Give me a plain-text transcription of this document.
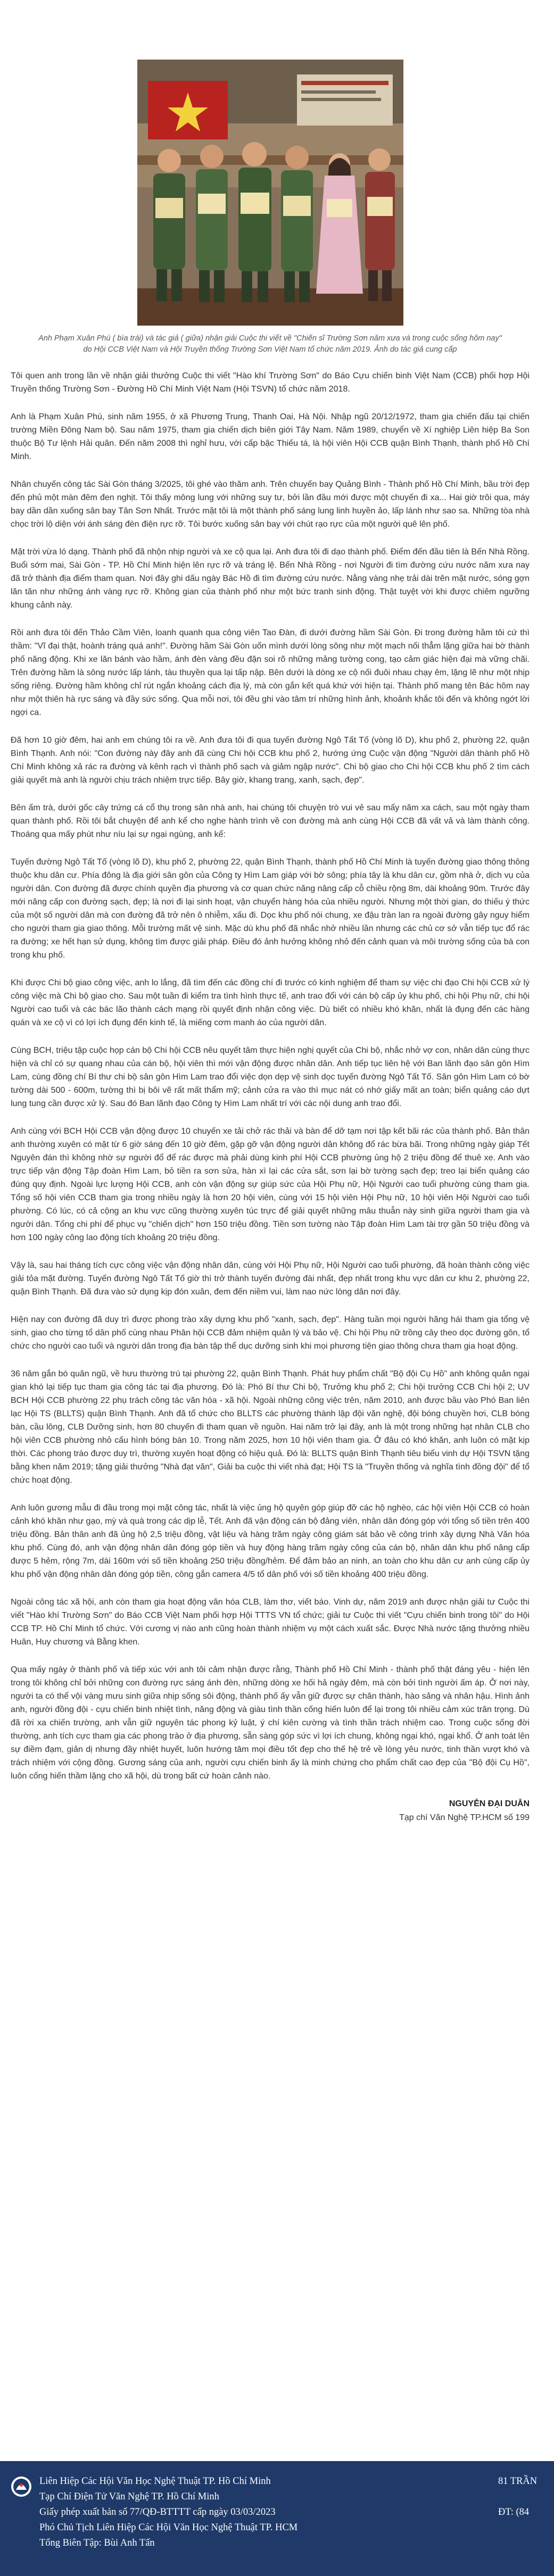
Anh Phạm Xuân Phú ( bìa trái) và tác giả ( giữa) nhận giải Cuộc thi viết về "Chiến sĩ Trường Sơn năm xưa và trong cuộc sống hôm nay" do Hội CCB Việt Nam và Hội Truyền thống Trường Sơn Việt Nam tổ chức năm 2019. Ảnh do tác giả cung cấp

Tôi quen anh trong lần về nhận giải thưởng Cuộc thi viết "Hào khí Trường Sơn" do Báo Cựu chiến binh Việt Nam (CCB) phối hợp Hội Truyền thống Trường Sơn - Đường Hồ Chí Minh Việt Nam (Hội TSVN) tổ chức năm 2018.

Anh là Phạm Xuân Phú, sinh năm 1955, ở xã Phương Trung, Thanh Oai, Hà Nội. Nhập ngũ 20/12/1972, tham gia chiến đấu tại chiến trường Miền Đông Nam bộ. Sau năm 1975, tham gia chiến dịch biên giới Tây Nam. Năm 1989, chuyển về Xí nghiệp Liên hiệp Ba Son thuộc Bộ Tư lệnh Hải quân. Đến năm 2008 thì nghỉ hưu, với cấp bậc Thiếu tá, là hội viên Hội CCB quận Bình Thạnh, thành phố Hồ Chí Minh.

Nhân chuyến công tác Sài Gòn tháng 3/2025, tôi ghé vào thăm anh. Trên chuyến bay Quảng Bình - Thành phố Hồ Chí Minh, bầu trời đẹp đến phủ một màn đêm đen nghịt. Tôi thấy mông lung với những suy tư, bởi lần đầu mới được một chuyến đi xa... Hai giờ trôi qua, máy bay dần dần xuống sân bay Tân Sơn Nhất. Trước mặt tôi là một thành phố sáng lung linh huyền ảo, lấp lánh như sao sa. Những tòa nhà chọc trời lộ diện với ánh sáng đèn điện rực rỡ. Tôi bước xuống sân bay với chút rạo rực của một người quê lên phố.

Mặt trời vừa ló dạng. Thành phố đã nhộn nhịp người và xe cộ qua lại. Anh đưa tôi đi dạo thành phố. Điểm đến đầu tiên là Bến Nhà Rồng. Buổi sớm mai, Sài Gòn - TP. Hồ Chí Minh hiện lên rực rỡ và tráng lệ. Bến Nhà Rồng - nơi Người đi tìm đường cứu nước năm xưa nay đã trở thành địa điểm tham quan. Nơi đây ghi dấu ngày Bác Hồ đi tìm đường cứu nước. Nằng vàng nhẹ trải dài trên mặt nước, sóng gợn lăn tăn như những ánh vàng rực rỡ. Không gian của thành phố như một bức tranh sinh động. Thật tuyệt vời khi được chiêm ngưỡng khung cảnh này.

Rồi anh đưa tôi đến Thảo Cầm Viên, loanh quanh qua công viên Tao Đàn, đi dưới đường hầm Sài Gòn. Đi trong đường hầm tôi cứ thì thầm: "Vĩ đại thật, hoành tráng quá anh!". Đường hầm Sài Gòn uốn mình dưới lòng sông như một mạch nối thẳm lặng giữa hai bờ thành phố năng động. Khi xe lăn bánh vào hầm, ánh đèn vàng đều đặn soi rõ những mảng tường cong, tạo cảm giác hiện đại mà vững chãi. Trên đường hầm là sông nước lấp lánh, tàu thuyền qua lại tấp nập. Bên dưới là dòng xe cộ nối đuôi nhau chạy êm, lặng lẽ như một nhịp sống riêng. Đường hầm không chỉ rút ngắn khoảng cách địa lý, mà còn gắn kết quá khứ với hiện tại. Thành phố mang tên Bác hôm nay như một thiên hà rực sáng và đầy sức sống. Qua mỗi nơi, tôi đều ghi vào tâm trí những hình ảnh, khoảnh khắc tôi đến và không ngớt lời ngợi ca.

Đã hơn 10 giờ đêm, hai anh em chúng tôi ra về. Anh đưa tôi đi qua tuyến đường Ngô Tất Tố (vòng lõ D), khu phố 2, phường 22, quận Bình Thạnh. Anh nói: "Con đường này đây anh đã cùng Chi hội CCB khu phố 2, hướng ứng Cuộc vận động "Người dân thành phố Hồ Chí Minh không xả rác ra đường và kênh rạch vì thành phố sạch và giảm ngập nước". Chi bộ giao cho Chi hội CCB khu phố 2 tìm cách giải quyết mà anh là người chịu trách nhiệm trực tiếp. Bây giờ, khang trang, xanh, sạch, đẹp".

Bên ấm trà, dưới gốc cây trứng cá cổ thụ trong sân nhà anh, hai chúng tôi chuyện trò vui vẻ sau mấy năm xa cách, sau một ngày tham quan thành phố. Rồi tôi bắt chuyện để anh kể cho nghe hành trình về con đường mà anh cùng Hội CCB đã vất vả và làm thành công. Thoáng qua mấy phút như níu lại sự ngại ngùng, anh kể:

Tuyến đường Ngô Tất Tố (vòng lõ D), khu phố 2, phường 22, quận Bình Thạnh, thành phố Hồ Chí Minh là tuyến đường giao thông thông thuộc khu dân cư. Phía đông là địa giới sân gôn của Công ty Hìm Lam giáp với bờ sông; phía tây là khu dân cư, gồm nhà ở, dịch vụ của người dân. Con đường đã được chính quyền địa phương và cơ quan chức năng nâng cấp cỗ chiều rộng 8m, dài khoảng 90m. Trước đây mới năng cấp con đường sạch, đẹp; là nơi đi lại sinh hoạt, vận chuyển hàng hóa của nhiều người. Nhưng một thời gian, do thiếu ý thức của một số người dân mà con đường đã trở nên ô nhiễm, xấu đi. Dọc khu phố nói chung, xe đậu tràn lan ra ngoài đường gây nguy hiểm cho người tham gia giao thông. Mỗi trường mất vệ sinh. Mặc dù khu phố đã nhắc nhở nhiều lần nhưng các chủ cơ sở vẫn tiếp tục đổ rác ra đường; xe hết hạn sử dụng, không tìm được giải pháp. Điều đó ảnh hưởng không nhỏ đến cảnh quan và môi trường sống của bà con trong khu phố.

Khi được Chi bộ giao công việc, anh lo lắng, đã tìm đến các đồng chí đi trước có kinh nghiệm để tham sự việc chi đạo Chi hội CCB xử lý công việc mà Chi bộ giao cho. Sau một tuần đi kiểm tra tình hình thực tế, anh trao đổi với cán bộ cấp ủy khu phố, chi hội Phụ nữ, chi hội Người cao tuổi và các bác lão thành cách mạng rồi quyết định nhận công việc. Dù biết có nhiều khó khăn, nhất là đụng đến các hàng quán và xe cộ vì có lợi ích đụng đến kinh tế, là miếng cơm manh áo của người dân.

Cùng BCH, triệu tập cuộc họp cán bộ Chi hội CCB nêu quyết tâm thực hiện nghị quyết của Chi bộ, nhắc nhở vợ con, nhân dân cùng thực hiện và chỉ có sự quang nhau của cán bộ, hội viên thì mới vận động được nhân dân. Anh tiếp tục liên hệ với Ban lãnh đạo sân gôn Hìm Lam, cùng đồng chí Bí thư chi bộ sân gôn Hìm Lam trao đổi việc dọn dẹp vệ sinh dọc tuyến đường Ngô Tất Tố. Sân gôn Hìm Lam có bờ tường dài 500 - 600m, tường thì bị bôi vẽ rất mất thẩm mỹ; cảnh cửa ra vào thì mục nát có nhớ giấy mất an toàn; biển quảng cáo dựt lung tung cần được xử lý. Sau đó Ban lãnh đạo Công ty Hìm Lam nhất trí với các nội dung anh trao đổi.

Anh cùng với BCH Hội CCB vận động được 10 chuyến xe tải chở rác thải và bàn để dỡ tạm nơi tập kết bãi rác của thành phố. Bản thân anh thường xuyên có mặt từ 6 giờ sáng đến 10 giờ đêm, gặp gỡ vận động người dân không đổ rác bừa bãi. Trong những ngày giáp Tết Nguyên đán thì không nhờ sự người đổ để rác được mà phải dùng kinh phí Hội CCB phường ủng hộ 2 triệu đồng để thuê xe. Anh vào trực tiếp vận động Tập đoàn Hìm Lam, bỏ tiền ra sơn sửa, hàn xì lại các cửa sắt, sơn lại bờ tường sạch đẹp; treo lại biển quảng cáo đúng quy định. Ngoài lực lượng Hội CCB, anh còn vận động sự giúp sức của Hội Phụ nữ, Hội Người cao tuổi phường cùng tham gia. Tổng số hội viên CCB tham gia trong nhiều ngày là hơn 20 hội viên, cùng với 15 hội viên Hội Phụ nữ, 10 hội viên Hội Người cao tuổi phường. Có lúc, có cả cộng an khu vực cũng thường xuyên túc trực để giải quyết những mâu thuẫn này sinh giữa người tham gia và người dân. Tổng chi phí để phục vụ "chiến dịch" hơn 150 triệu đồng. Tiền sơn tường nào Tập đoàn Hìm Lam tài trợ gần 50 triệu đồng và hơn 100 ngày công lao động tích khoảng 20 triệu đồng.

Vậy là, sau hai tháng tích cực công việc vận động nhân dân, cùng với Hội Phụ nữ, Hội Người cao tuổi phường, đã hoàn thành công việc giải tỏa mặt đường. Tuyến đường Ngô Tất Tố giờ thì trở thành tuyến đường đài nhất, đẹp nhất trong khu vực dân cư khu 2, phường 22, quận Bình Thạnh. Đã đưa vào sử dụng kịp đón xuân, đem đến niềm vui, làm nao nức lòng dân nơi đây.

Hiện nay con đường đã duy trì được phong trào xây dựng khu phố "xanh, sạch, đẹp". Hàng tuần mọi người hăng hái tham gia tổng vệ sinh, giao cho từng tổ dân phố cùng nhau Phân hội CCB đảm nhiệm quản lý và bảo vệ. Chi hội Phụ nữ trồng cây theo dọc đường gôn, tổ chức cho người cao tuổi và người dân trong địa bàn tập thể dục dưỡng sinh khi mọi phương tiện giao thông chưa tham gia hoạt động.

36 năm gắn bó quân ngũ, về hưu thường trú tại phường 22, quận Bình Thạnh. Phát huy phẩm chất "Bộ đội Cụ Hồ" anh không quản ngại gian khó lại tiếp tục tham gia công tác tại địa phương. Đó là: Phó Bí thư Chi bộ, Trưởng khu phố 2; Chi hội trưởng CCB Chi hội 2; UV BCH Hội CCB phường 22 phụ trách công tác văn hóa - xã hội. Ngoài những công việc trên, năm 2010, anh được bầu vào Phó Ban liên lạc Hội TS (BLLTS) quận Bình Thạnh. Anh đã tổ chức cho BLLTS các phường thành lập đội văn nghệ, đội bóng chuyền hơi, CLB bóng bàn, cầu lông, CLB Dưỡng sinh, hơn 80 chuyến đi tham quan về nguồn. Hai năm trở lại đây, anh là một trong những hạt nhân CLB cho hội viên CCB phường nhỏ cấu hình bóng bàn 10. Trong năm 2025, hơn 10 hội viên tham gia. Ở đâu có khó khăn, anh luôn có mặt kịp thời. Các phong trào được duy trì, thường xuyên hoạt động có hiệu quả. Đó là: BLLTS quận Bình Thạnh tiêu biểu vinh dự Hội TSVN tặng bằng khen năm 2019; tặng giải thưởng "Nhà đạt văn", Giải ba cuộc thi viết nhà đạt; Hội TS là "Truyền thống và nghĩa tình đồng đội" để tổ chức hoạt động.

Anh luôn gương mẫu đi đầu trong mọi mặt công tác, nhất là việc ủng hộ quyên góp giúp đỡ các hộ nghèo, các hội viên Hội CCB có hoàn cảnh khó khăn như gạo, mỳ và quà trong các dịp lễ, Tết. Anh đã vận động cán bộ đảng viên, nhân dân đóng góp với tổng số tiền trên 400 triệu đồng. Bản thân anh đã ủng hộ 2,5 triệu đồng, vật liệu và hàng trăm ngày công giám sát bảo về công trình xây dựng Nhà Văn hóa khu phố. Cùng đó, anh vận động nhân dân đóng góp tiền và huy động hàng trăm ngày công của cán bộ, nhân dân khu phố nâng cấp được 5 hẻm, rộng 7m, dài 160m với số tiền khoảng 250 triệu đồng/hẻm. Để đảm bảo an ninh, an toàn cho khu dân cư anh cùng cấp ủy khu phố vận động nhân dân đóng góp tiền, công gắn camera 4/5 tổ dân phố với số tiền khoảng 400 triệu đồng.

Ngoài công tác xã hội, anh còn tham gia hoạt động văn hóa CLB, làm thơ, viết báo. Vinh dự, năm 2019 anh được nhận giải tư Cuộc thi viết "Hào khí Trường Sơn" do Báo CCB Việt Nam phối hợp Hội TTTS VN tổ chức; giải tư Cuộc thi viết "Cựu chiến binh trong tôi" do Hội CCB TP. Hồ Chí Minh tổ chức. Với cương vị nào anh cũng hoàn thành nhiệm vụ một cách xuất sắc. Được Nhà nước tặng thưởng nhiều Huân, Huy chương và Bằng khen.

Qua mấy ngày ở thành phố và tiếp xúc với anh tôi cảm nhận được rằng, Thành phố Hồ Chí Minh - thành phố thật đáng yêu - hiện lên trong tôi không chỉ bởi những con đường rực sáng ánh đèn, những dòng xe hối hả ngày đêm, mà còn bởi tình người ấm áp. Ở nơi này, người ta có thể vội vàng mưu sinh giữa nhịp sống sôi động, thành phố ấy vẫn giữ được sự chân thành, hào sảng và nhân hậu. Hình ảnh anh, người đồng đội - cựu chiến binh nhiệt tình, năng động và giàu tình thần cống hiến luôn để lại trong tôi nhiều cảm xúc trân trọng. Dù đã rời xa chiến trường, anh vẫn giữ nguyên tác phong kỷ luật, ý chí kiên cường và tình thần trách nhiệm cao. Trong cuộc sống đời thường, anh tích cực tham gia các phong trào ở địa phương, sẵn sàng góp sức vì lợi ích chung, không ngại khó, ngại khổ. Ở anh toát lên sự điềm đạm, giản dị nhưng đầy nhiệt huyết, luôn hướng tâm mọi điều tốt đẹp cho thế hệ trẻ về lòng yêu nước, tinh thần vượt khó và trách nhiệm với cộng đồng. Gương sáng của anh, người cựu chiến binh ấy là minh chứng cho phẩm chất cao đẹp của "Bộ đội Cụ Hồ", luôn cống hiến thầm lặng cho xã hội, dù trong bất cứ hoàn cảnh nào.

NGUYỄN ĐẠI DUẪN
Tạp chí Văn Nghệ TP.HCM số 199
Liên Hiệp Các Hội Văn Học Nghệ Thuật TP. Hồ Chí Minh
Tạp Chí Điện Tử Văn Nghệ TP. Hồ Chí Minh
Giấy phép xuất bản số 77/QĐ-BTTTT cấp ngày 03/03/2023
Phó Chủ Tịch Liên Hiệp Các Hội Văn Học Nghệ Thuật TP. HCM
Tổng Biên Tập: Bùi Anh Tấn
81 TRẦN
ĐT: (84
